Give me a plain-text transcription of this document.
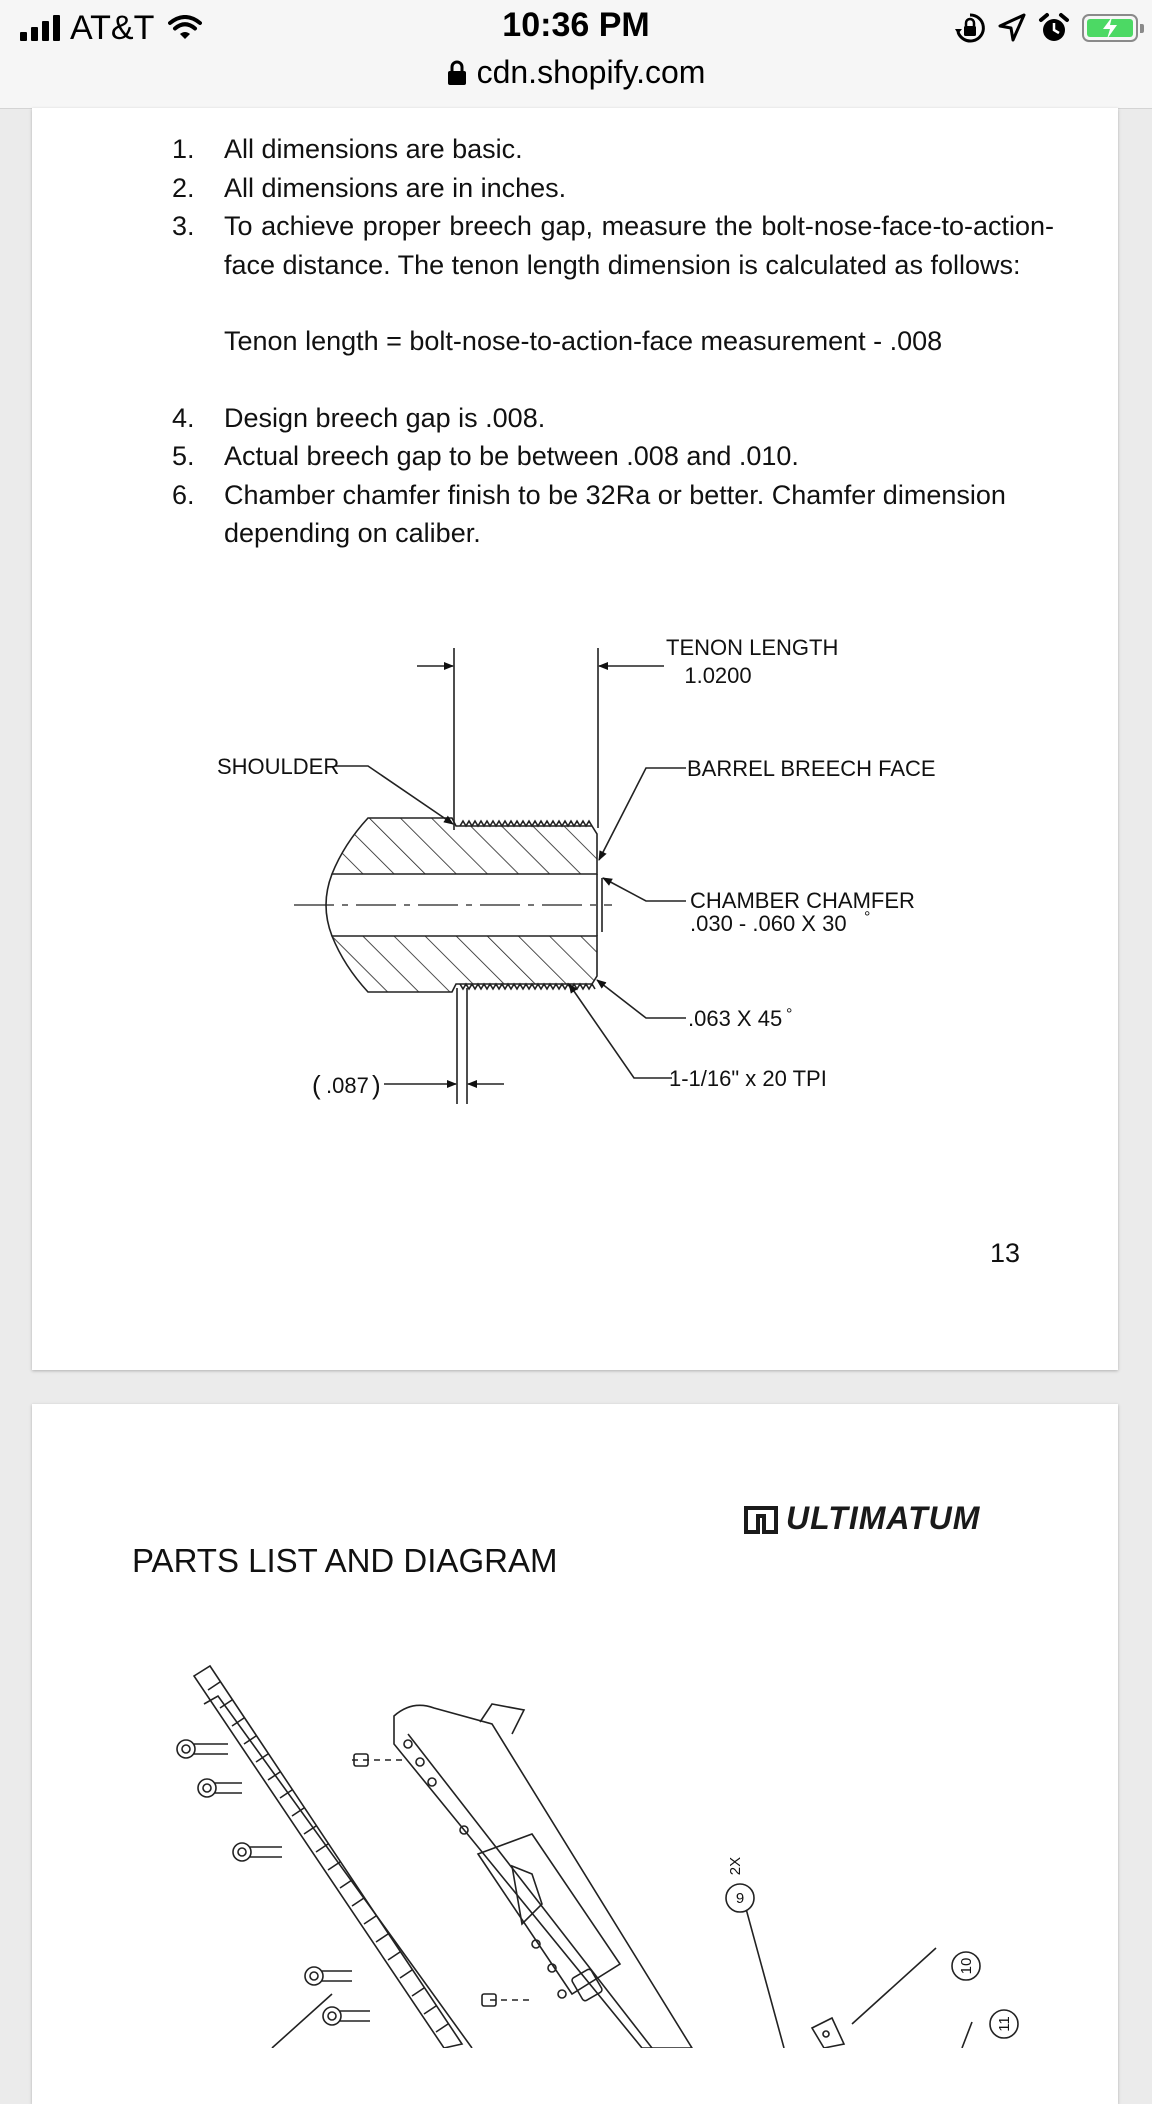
AT&T	10:36 PM
cdn.shopify.com
1. All dimensions are basic.
2. All dimensions are in inches.
3. To achieve proper breech gap, measure the bolt-nose-face-to-action-face distance. The tenon length dimension is calculated as follows:
Tenon length = bolt-nose-to-action-face measurement - .008
4. Design breech gap is .008.
5. Actual breech gap to be between .008 and .010.
6. Chamber chamfer finish to be 32Ra or better. Chamfer dimension depending on caliber.
TENON LENGTH
1.0200
SHOULDER	BARREL BREECH FACE
CHAMBER CHAMFER
.030 - .060 X 30 °
.063 X 45 °
1-1/16" x 20 TPI
( .087 )
13
ULTIMATUM
PARTS LIST AND DIAGRAM
9
2X
10
11
